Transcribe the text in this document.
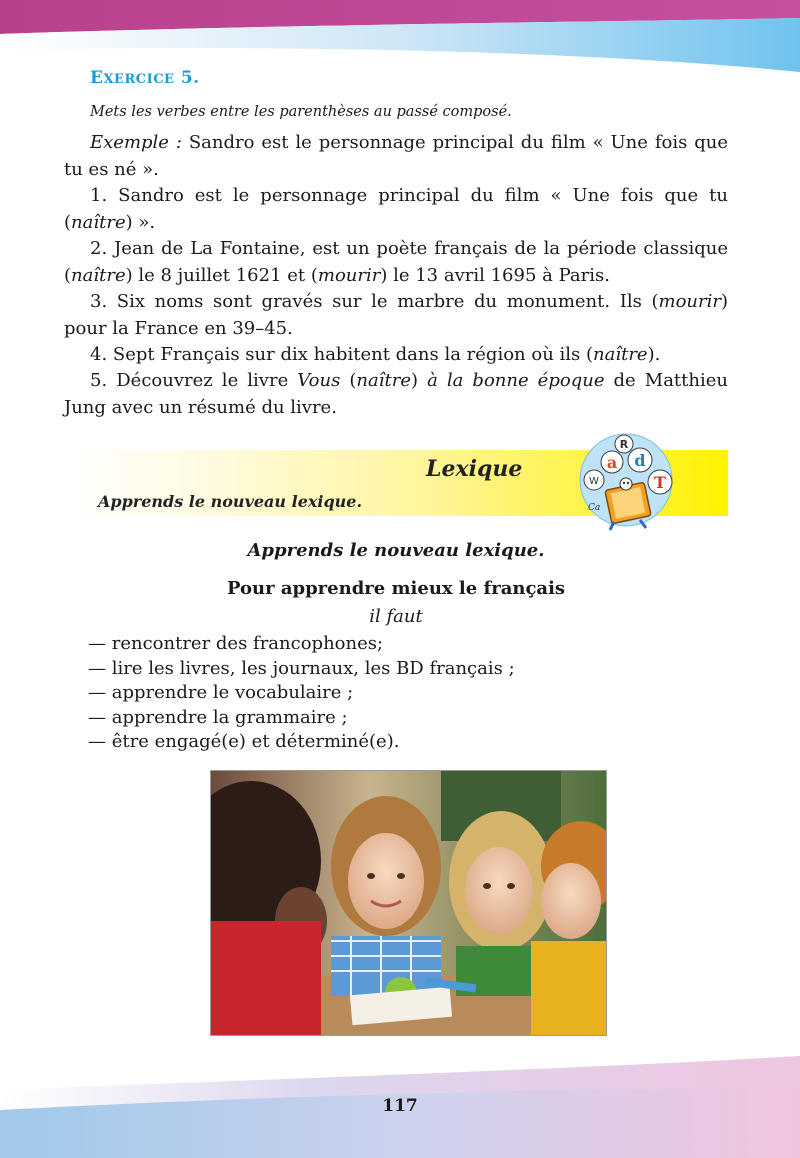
EXERCICE 5.
Mets les verbes entre les parenthèses au passé composé.
Exemple : Sandro est le personnage principal du film « Une fois que tu es né ».
1. Sandro est le personnage principal du film « Une fois que tu (naître) ».
2. Jean de La Fontaine, est un poète français de la période classique (naître) le 8 juillet 1621 et (mourir) le 13 avril 1695 à Paris.
3. Six noms sont gravés sur le marbre du monument. Ils (mourir) pour la France en 39–45.
4. Sept Français sur dix habitent dans la région où ils (naître).
5. Découvrez le livre Vous (naître) à la bonne époque de Matthieu Jung avec un résumé du livre.
Lexique
Apprends le nouveau lexique.
R
a d
T
W
Ca
Apprends le nouveau lexique.
Pour apprendre mieux le français
il faut
— rencontrer des francophones;
— lire les livres, les journaux, les BD français ;
— apprendre le vocabulaire ;
— apprendre la grammaire ;
— être engagé(e) et déterminé(e).
117
